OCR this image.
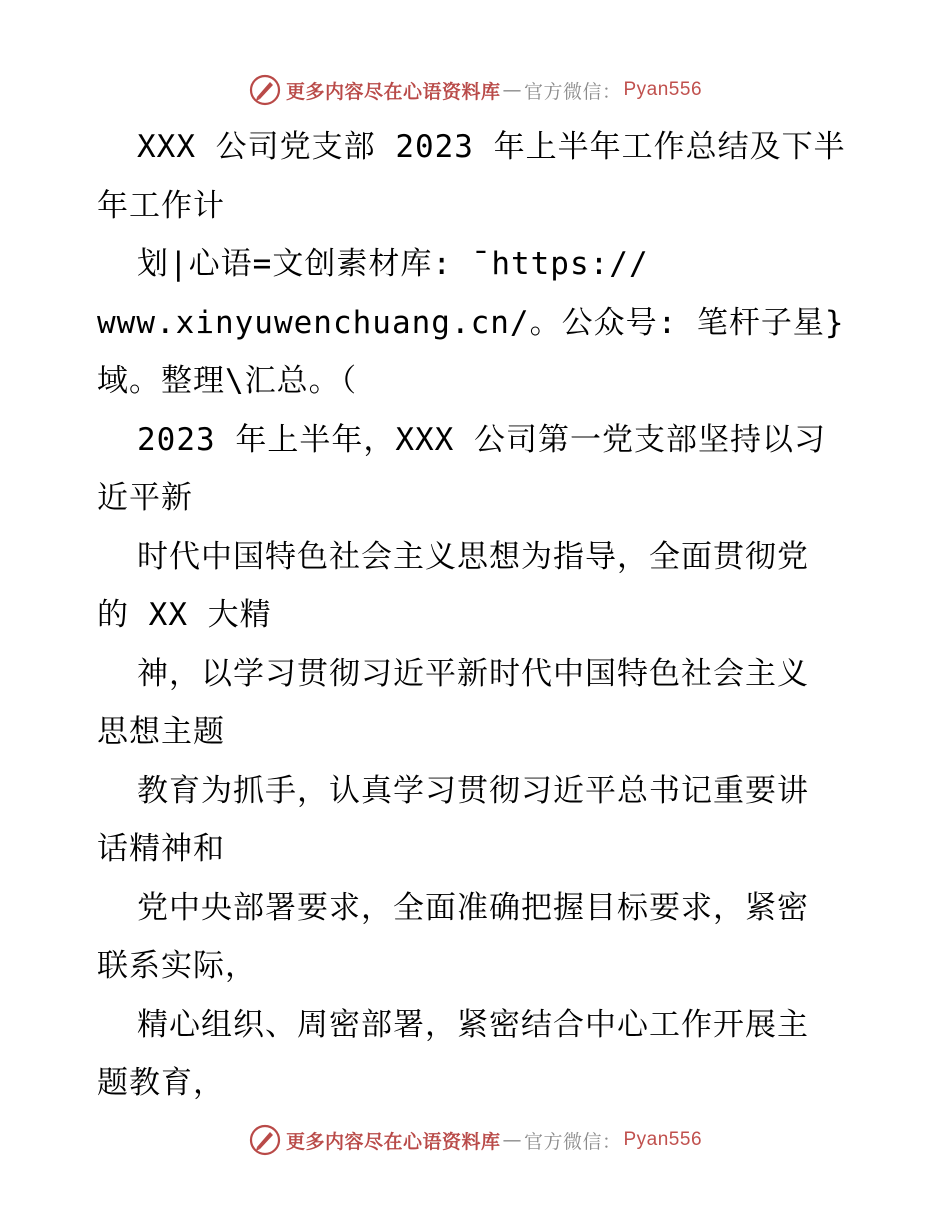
更多内容尽在心语资料库 — 官方微信： Pyan556
XXX 公司党支部 2023 年上半年工作总结及下半
年工作计
划|心语=文创素材库: ¯https://
www.xinyuwenchuang.cn/。公众号: 笔杆子星}
域。整理\汇总。（
2023 年上半年，XXX 公司第一党支部坚持以习
近平新
时代中国特色社会主义思想为指导，全面贯彻党
的 XX 大精
神，以学习贯彻习近平新时代中国特色社会主义
思想主题
教育为抓手，认真学习贯彻习近平总书记重要讲
话精神和
党中央部署要求，全面准确把握目标要求，紧密
联系实际，
精心组织、周密部署，紧密结合中心工作开展主
题教育，
更多内容尽在心语资料库 — 官方微信： Pyan556
